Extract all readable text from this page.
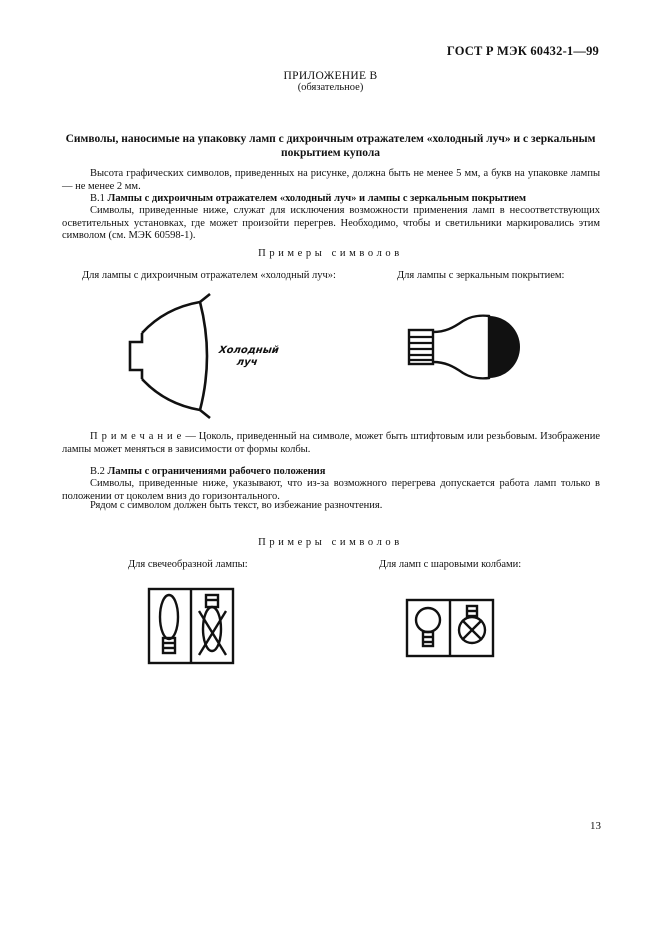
ГОСТ Р МЭК 60432-1—99
ПРИЛОЖЕНИЕ В
(обязательное)
Символы, наносимые на упаковку ламп с дихроичным отражателем «холодный луч» и с зеркальным покрытием купола
Высота графических символов, приведенных на рисунке, должна быть не менее 5 мм, а букв на упаковке лампы — не менее 2 мм.
В.1 Лампы с дихроичным отражателем «холодный луч» и лампы с зеркальным покрытием
Символы, приведенные ниже, служат для исключения возможности применения ламп в несоответствующих осветительных установках, где может произойти перегрев. Необходимо, чтобы и светильники маркировались этим символом (см. МЭК 60598-1).
Примеры символов
Для лампы с дихроичным отражателем «холодный луч»:	Для лампы с зеркальным покрытием:
Холодный
луч
Примечание— Цоколь, приведенный на символе, может быть штифтовым или резьбовым. Изображение лампы может меняться в зависимости от формы колбы.
В.2 Лампы с ограничениями рабочего положения
Символы, приведенные ниже, указывают, что из-за возможного перегрева допускается работа ламп только в положении от цоколем вниз до горизонтального.
Рядом с символом должен быть текст, во избежание разночтения.
Примеры символов
Для свечеобразной лампы:	Для ламп с шаровыми колбами:
13
